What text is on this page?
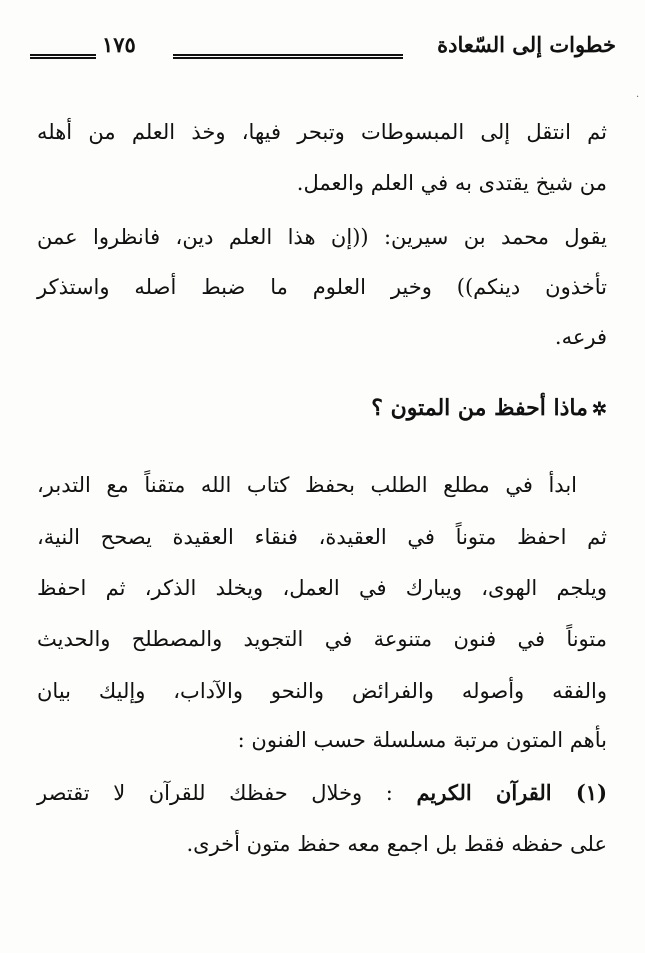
خطوات إلى السّعادة
١٧٥
ثم انتقل إلى المبسوطات وتبحر فيها، وخذ العلم من أهله
من شيخ يقتدى به في العلم والعمل.
يقول محمد بن سيرين: ((إن هذا العلم دين، فانظروا عمن
تأخذون دينكم)) وخير العلوم ما ضبط أصله واستذكر
فرعه.
✲ماذا أحفظ من المتون ؟
ابدأ في مطلع الطلب بحفظ كتاب الله متقناً مع التدبر،
ثم احفظ متوناً في العقيدة، فنقاء العقيدة يصحح النية،
ويلجم الهوى، ويبارك في العمل، ويخلد الذكر، ثم احفظ
متوناً في فنون متنوعة في التجويد والمصطلح والحديث
والفقه وأصوله والفرائض والنحو والآداب، وإليك بيان
بأهم المتون مرتبة مسلسلة حسب الفنون :
(١) القرآن الكريم : وخلال حفظك للقرآن لا تقتصر
على حفظه فقط بل اجمع معه حفظ متون أخرى.
·
